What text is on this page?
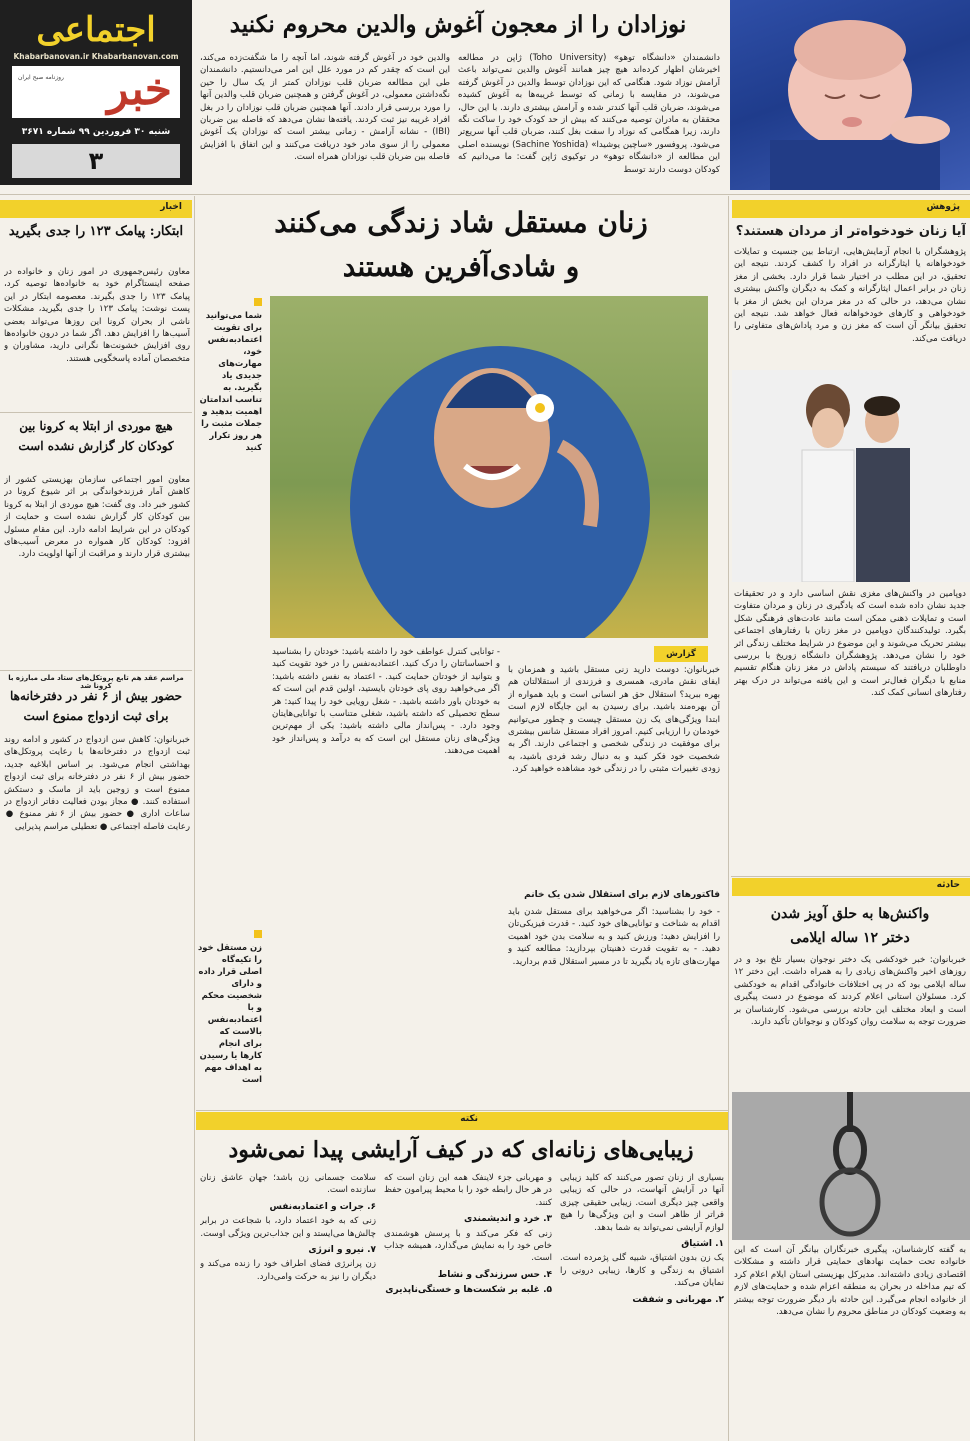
اجتماعی
Khabarbanovan.ir Khabarbanovan.com
خبر
روزنامه صبح ایران
شنبه ۳۰ فروردین ۹۹ شماره ۳۶۷۱
۳
نوزادان را از معجون آغوش والدین محروم نکنید
دانشمندان «دانشگاه توهو» (Toho University) ژاپن در مطالعه اخیرشان اظهار کرده‌اند هیچ چیز همانند آغوش والدین نمی‌تواند باعث آرامش نوزاد شود. هنگامی که این نوزادان توسط والدین در آغوش گرفته می‌شوند، در مقایسه با زمانی که توسط غریبه‌ها به آغوش کشیده می‌شوند، ضربان قلب آنها کندتر شده و آرامش بیشتری دارند. با این حال، محققان به مادران توصیه می‌کنند که بیش از حد کودک خود را ساکت نگه دارند، زیرا همگامی که نوزاد را سفت بغل کنند، ضربان قلب آنها سریع‌تر می‌شود. پروفسور «ساچین یوشیدا» (Sachine Yoshida) نویسنده اصلی این مطالعه از «دانشگاه توهو» در توکیوی ژاپن گفت: ما می‌دانیم که کودکان دوست دارند توسط
والدین خود در آغوش گرفته شوند، اما آنچه را ما شگفت‌زده می‌کند، این است که چقدر کم در مورد علل این امر می‌دانستیم. دانشمندان طی این مطالعه ضربان قلب نوزادان کمتر از یک سال را حین نگه‌داشتن معمولی، در آغوش گرفتن و همچنین ضربان قلب والدین آنها را مورد بررسی قرار دادند. آنها همچنین ضربان قلب نوزادان را در بغل افراد غریبه نیز ثبت کردند. یافته‌ها نشان می‌دهد که فاصله بین ضربان (IBI) - نشانه آرامش - زمانی بیشتر است که نوزادان یک آغوش معمولی را از سوی مادر خود دریافت می‌کنند و این اتفاق با افزایش فاصله بین ضربان قلب نوزادان همراه است.
پژوهش
آیا زنان خودخواه‌تر از مردان هستند؟
پژوهشگران با انجام آزمایش‌هایی، ارتباط بین جنسیت و تمایلات خودخواهانه یا ایثارگرانه در افراد را کشف کردند. نتیجه این تحقیق، در این مطلب در اختیار شما قرار دارد. بخشی از مغز زنان در برابر اعمال ایثارگرانه و کمک به دیگران واکنش بیشتری نشان می‌دهد، در حالی که در مغز مردان این بخش از مغز با خودخواهی و کارهای خودخواهانه فعال خواهد شد. نتیجه این تحقیق بیانگر آن است که مغز زن و مرد پاداش‌های متفاوتی را دریافت می‌کند.
دوپامین در واکنش‌های مغزی نقش اساسی دارد و در تحقیقات جدید نشان داده شده است که یادگیری در زنان و مردان متفاوت است و تمایلات ذهنی ممکن است مانند عادت‌های فرهنگی شکل بگیرد. تولیدکنندگان دوپامین در مغز زنان با رفتارهای اجتماعی بیشتر تحریک می‌شوند و این موضوع در شرایط مختلف زندگی اثر خود را نشان می‌دهد. پژوهشگران دانشگاه زوریخ با بررسی داوطلبان دریافتند که سیستم پاداش در مغز زنان هنگام تقسیم منابع با دیگران فعال‌تر است و این یافته می‌تواند در درک بهتر رفتارهای انسانی کمک کند.
حادثه
واکنش‌ها به حلق آویز شدن
دختر ۱۲ ساله ایلامی
خبربانوان: خبر خودکشی یک دختر نوجوان بسیار تلخ بود و در روزهای اخیر واکنش‌های زیادی را به همراه داشت. این دختر ۱۲ ساله ایلامی بود که در پی اختلافات خانوادگی اقدام به خودکشی کرد. مسئولان استانی اعلام کردند که موضوع در دست پیگیری است و ابعاد مختلف این حادثه بررسی می‌شود. کارشناسان بر ضرورت توجه به سلامت روان کودکان و نوجوانان تأکید دارند.
به گفته کارشناسان، پیگیری خبرنگاران بیانگر آن است که این خانواده تحت حمایت نهادهای حمایتی قرار داشته و مشکلات اقتصادی زیادی داشته‌اند. مدیرکل بهزیستی استان ایلام اعلام کرد که تیم مداخله در بحران به منطقه اعزام شده و حمایت‌های لازم از خانواده انجام می‌گیرد. این حادثه بار دیگر ضرورت توجه بیشتر به وضعیت کودکان در مناطق محروم را نشان می‌دهد.
اخبار
ابتکار: پیامک ۱۲۳ را جدی بگیرید
معاون رئیس‌جمهوری در امور زنان و خانواده در صفحه اینستاگرام خود به خانواده‌ها توصیه کرد، پیامک ۱۲۳ را جدی بگیرند. معصومه ابتکار در این پست نوشت: پیامک ۱۲۳ را جدی بگیرید، مشکلات ناشی از بحران کرونا این روزها می‌تواند بعضی آسیب‌ها را افزایش دهد. اگر شما در درون خانواده‌ها روی افزایش خشونت‌ها نگرانی دارید، مشاوران و متخصصان آماده پاسخگویی هستند.
هیچ موردی از ابتلا به کرونا بین کودکان کار گزارش نشده است
معاون امور اجتماعی سازمان بهزیستی کشور از کاهش آمار فرزندخواندگی بر اثر شیوع کرونا در کشور خبر داد. وی گفت: هیچ موردی از ابتلا به کرونا بین کودکان کار گزارش نشده است و حمایت از کودکان در این شرایط ادامه دارد. این مقام مسئول افزود: کودکان کار همواره در معرض آسیب‌های بیشتری قرار دارند و مراقبت از آنها اولویت دارد.
مراسم عقد هم تابع پروتکل‌های ستاد ملی مبارزه با کرونا شد
حضور بیش از ۶ نفر در دفترخانه‌ها برای ثبت ازدواج ممنوع است
خبربانوان: کاهش سن ازدواج در کشور و ادامه روند ثبت ازدواج در دفترخانه‌ها با رعایت پروتکل‌های بهداشتی انجام می‌شود. بر اساس ابلاغیه جدید، حضور بیش از ۶ نفر در دفترخانه برای ثبت ازدواج ممنوع است و زوجین باید از ماسک و دستکش استفاده کنند. ● مجاز بودن فعالیت دفاتر ازدواج در ساعات اداری ● حضور بیش از ۶ نفر ممنوع ● رعایت فاصله اجتماعی ● تعطیلی مراسم پذیرایی
زنان مستقل شاد زندگی می‌کنند
و شادی‌آفرین هستند
شما می‌توانید برای تقویت اعتمادبه‌نفس خود، مهارت‌های جدیدی یاد بگیرید. به تناسب اندامتان اهمیت بدهید و جملات مثبت را هر روز تکرار کنید
گزارش
خبربانوان: دوست دارید زنی مستقل باشید و همزمان با ایفای نقش مادری، همسری و فرزندی از استقلالتان هم بهره ببرید؟ استقلال حق هر انسانی است و باید همواره از آن بهره‌مند باشید. برای رسیدن به این جایگاه لازم است ابتدا ویژگی‌های یک زن مستقل چیست و چطور می‌توانیم خودمان را ارزیابی کنیم. امروز افراد مستقل شانس بیشتری برای موفقیت در زندگی شخصی و اجتماعی دارند. اگر به شخصیت خود فکر کنید و به دنبال رشد فردی باشید، به زودی تغییرات مثبتی را در زندگی خود مشاهده خواهید کرد.
فاکتورهای لازم برای استقلال شدن یک خانم
- خود را بشناسید: اگر می‌خواهید برای مستقل شدن باید اقدام به شناخت و توانایی‌های خود کنید. - قدرت فیزیکی‌تان را افزایش دهید: ورزش کنید و به سلامت بدن خود اهمیت دهید. - به تقویت قدرت ذهنیتان بپردازید: مطالعه کنید و مهارت‌های تازه یاد بگیرید تا در مسیر استقلال قدم بردارید.
- توانایی کنترل عواطف خود را داشته باشید: خودتان را بشناسید و احساساتتان را درک کنید. اعتمادبه‌نفس را در خود تقویت کنید و بتوانید از خودتان حمایت کنید. - اعتماد به نفس داشته باشید: اگر می‌خواهید روی پای خودتان بایستید، اولین قدم این است که به خودتان باور داشته باشید. - شغل رویایی خود را پیدا کنید: هر سطح تحصیلی که داشته باشید، شغلی متناسب با توانایی‌هایتان وجود دارد. - پس‌انداز مالی داشته باشید: یکی از مهم‌ترین ویژگی‌های زنان مستقل این است که به درآمد و پس‌انداز خود اهمیت می‌دهند.
زن مستقل خود را تکیه‌گاه اصلی قرار داده و دارای شخصیت محکم و با اعتمادبه‌نفس بالاست که برای انجام کارها یا رسیدن به اهداف مهم است
نکته
زیبایی‌های زنانه‌ای که در کیف آرایشی پیدا نمی‌شود

بسیاری از زنان تصور می‌کنند که کلید زیبایی آنها در آرایش آنهاست، در حالی که زیبایی واقعی چیز دیگری است. زیبایی حقیقی چیزی فراتر از ظاهر است و این ویژگی‌ها را هیچ لوازم آرایشی نمی‌تواند به شما بدهد.

۱. اشتیاق

یک زن بدون اشتیاق، شبیه گلی پژمرده است. اشتیاق به زندگی و کارها، زیبایی درونی را نمایان می‌کند.

۲. مهربانی و شفقت

و مهربانی جزء لاینفک همه این زنان است که در هر حال رابطه خود را با محیط پیرامون حفظ کنند.

۳. خرد و اندیشمندی

زنی که فکر می‌کند و با پرسش هوشمندی خاص خود را به نمایش می‌گذارد، همیشه جذاب است.

۴. حس سرزندگی و نشاط
۵. غلبه بر شکست‌ها و خستگی‌ناپذیری

سلامت جسمانی زن باشد؛ جهان عاشق زنان سازنده است.

۶. جرات و اعتمادبه‌نفس

زنی که به خود اعتماد دارد، با شجاعت در برابر چالش‌ها می‌ایستد و این جذاب‌ترین ویژگی اوست.

۷. نیرو و انرژی

زن پرانرژی فضای اطراف خود را زنده می‌کند و دیگران را نیز به حرکت وامی‌دارد.
